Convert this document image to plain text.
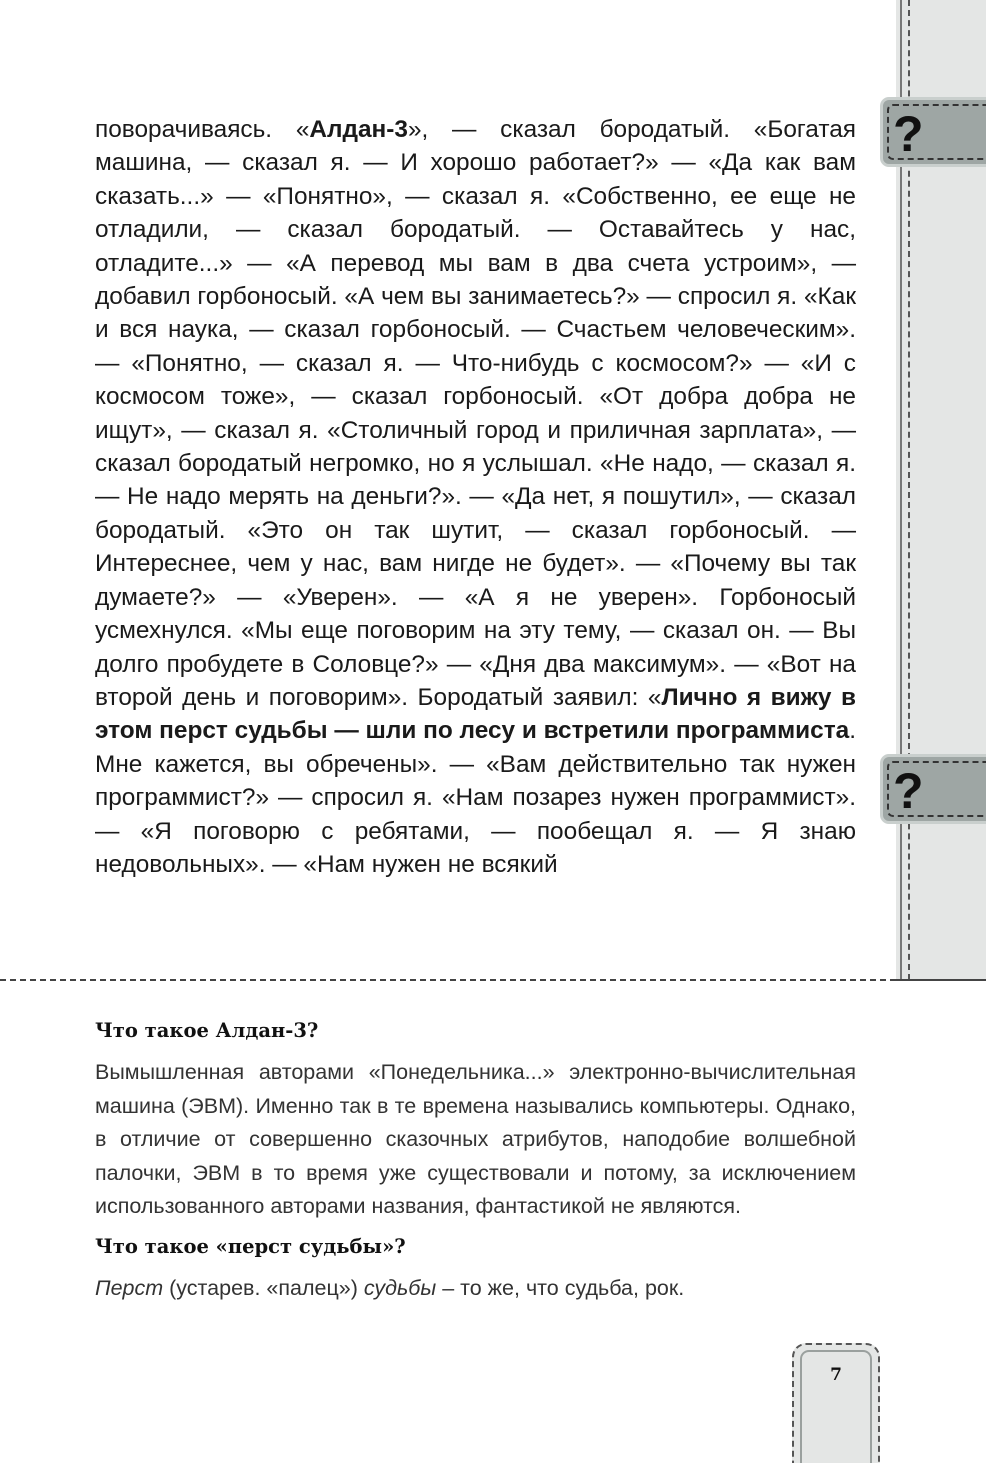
?
?

поворачиваясь. «Алдан-3», — сказал бородатый. «Богатая машина, — сказал я. — И хорошо работает?» — «Да как вам сказать...» — «Понятно», — сказал я. «Собственно, ее еще не отладили, — сказал бородатый. — Оставайтесь у нас, отладите...» — «А перевод мы вам в два счета устроим», — добавил горбоносый. «А чем вы занимаетесь?» — спросил я. «Как и вся наука, — сказал горбоносый. — Счастьем человеческим». — «Понятно, — сказал я. — Что-нибудь с космосом?» — «И с космосом тоже», — сказал горбоносый. «От добра добра не ищут», — сказал я. «Столичный город и приличная зарплата», — сказал бородатый негромко, но я услышал. «Не надо, — сказал я. — Не надо мерять на деньги?». — «Да нет, я пошутил», — сказал бородатый. «Это он так шутит, — сказал горбоносый. — Интереснее, чем у нас, вам нигде не будет». — «Почему вы так думаете?» — «Уверен». — «А я не уверен». Горбоносый усмехнулся. «Мы еще поговорим на эту тему, — сказал он. — Вы долго пробудете в Соловце?» — «Дня два максимум». — «Вот на второй день и поговорим». Бородатый заявил: «Лично я вижу в этом перст судьбы — шли по лесу и встретили программиста. Мне кажется, вы обречены». — «Вам действительно так нужен программист?» — спросил я. «Нам позарез нужен программист». — «Я поговорю с ребятами, — пообещал я. — Я знаю недовольных». — «Нам нужен не всякий

Что такое Алдан-3?

Вымышленная авторами «Понедельника...» электронно-вычислительная машина (ЭВМ). Именно так в те времена назывались компьютеры. Однако, в отличие от совершенно сказочных атрибутов, наподобие волшебной палочки, ЭВМ в то время уже существовали и потому, за исключением использованного авторами названия, фантастикой не являются.

Что такое «перст судьбы»?

Перст (устарев. «палец») судьбы – то же, что судьба, рок.

7
